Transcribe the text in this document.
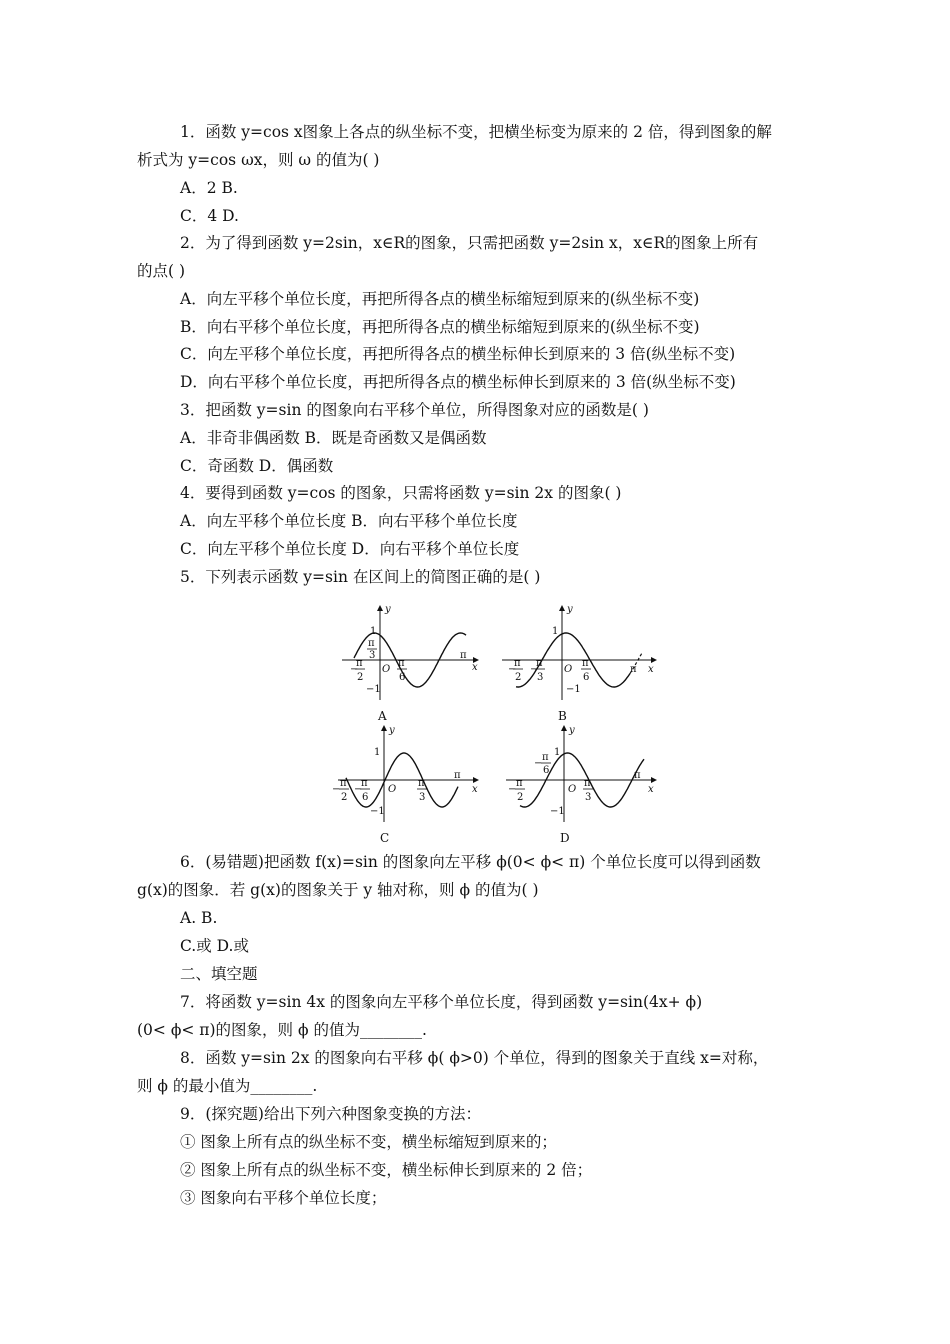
1．函数 y=cos x图象上各点的纵坐标不变，把横坐标变为原来的 2 倍，得到图象的解
析式为 y=cos ωx，则 ω 的值为( )
A．2 B.
C．4 D.
2．为了得到函数 y=2sin，x∈R的图象，只需把函数 y=2sin x，x∈R的图象上所有
的点( )
A．向左平移个单位长度，再把所得各点的横坐标缩短到原来的(纵坐标不变)
B．向右平移个单位长度，再把所得各点的横坐标缩短到原来的(纵坐标不变)
C．向左平移个单位长度，再把所得各点的横坐标伸长到原来的 3 倍(纵坐标不变)
D．向右平移个单位长度，再把所得各点的横坐标伸长到原来的 3 倍(纵坐标不变)
3．把函数 y=sin 的图象向右平移个单位，所得图象对应的函数是( )
A．非奇非偶函数 B．既是奇函数又是偶函数
C．奇函数 D．偶函数
4．要得到函数 y=cos 的图象，只需将函数 y=sin 2x 的图象( )
A．向左平移个单位长度 B．向右平移个单位长度
C．向左平移个单位长度 D．向右平移个单位长度
5．下列表示函数 y=sin 在区间上的简图正确的是( )
y
x
1
−1
O
π
−
π
2
π
3
π
6
A
y
x
1
−1
O	π
−
π
2
−
π
3
π
6
B
y
x
1
−1
O
π
−
π
2
−
π
6
π
3
C
y
x
1
−1
O
π
−
π
2
−
π
6
π
3
D
6．(易错题)把函数 f(x)=sin 的图象向左平移 ϕ(0< ϕ< π) 个单位长度可以得到函数
g(x)的图象．若 g(x)的图象关于 y 轴对称，则 ϕ 的值为( )
A. B.
C.或 D.或
二、填空题
7．将函数 y=sin 4x 的图象向左平移个单位长度，得到函数 y=sin(4x+ ϕ)
(0< ϕ< π)的图象，则 ϕ 的值为________.
8．函数 y=sin 2x 的图象向右平移 ϕ( ϕ>0) 个单位，得到的图象关于直线 x=对称，
则 ϕ 的最小值为________.
9．(探究题)给出下列六种图象变换的方法：
① 图象上所有点的纵坐标不变，横坐标缩短到原来的；
② 图象上所有点的纵坐标不变，横坐标伸长到原来的 2 倍；
③ 图象向右平移个单位长度；
